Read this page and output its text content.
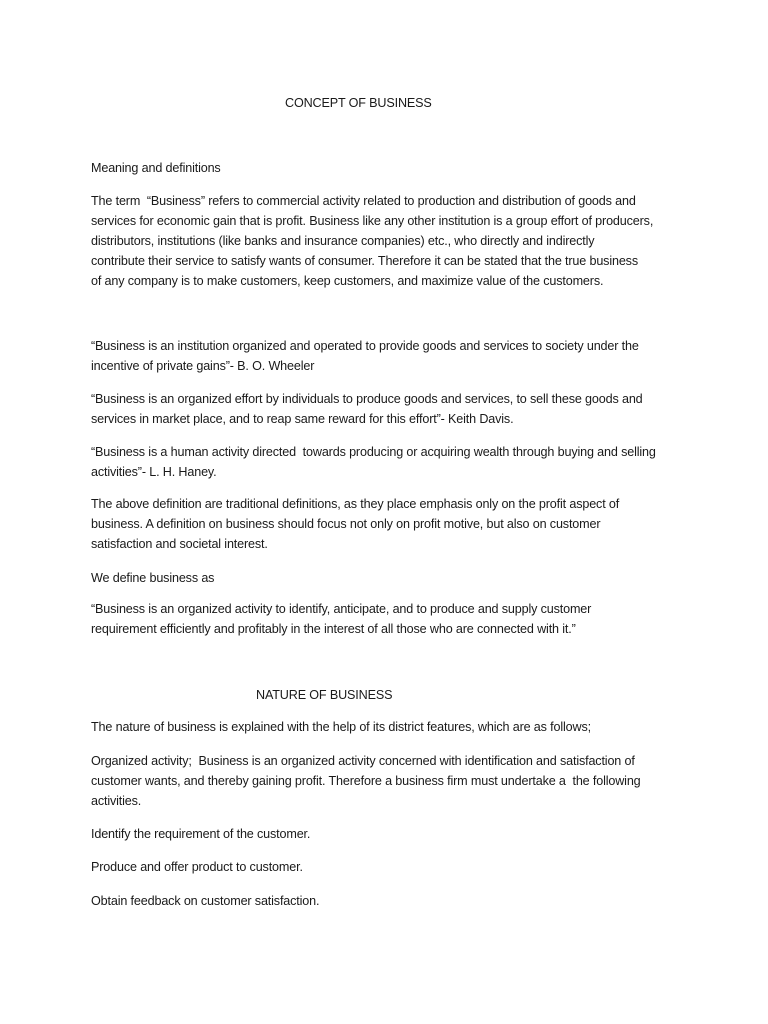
CONCEPT OF BUSINESS
Meaning and definitions
The term  “Business” refers to commercial activity related to production and distribution of goods and
services for economic gain that is profit. Business like any other institution is a group effort of producers,
distributors, institutions (like banks and insurance companies) etc., who directly and indirectly
contribute their service to satisfy wants of consumer. Therefore it can be stated that the true business
of any company is to make customers, keep customers, and maximize value of the customers.
“Business is an institution organized and operated to provide goods and services to society under the
incentive of private gains”- B. O. Wheeler
“Business is an organized effort by individuals to produce goods and services, to sell these goods and
services in market place, and to reap same reward for this effort”- Keith Davis.
“Business is a human activity directed  towards producing or acquiring wealth through buying and selling
activities”- L. H. Haney.
The above definition are traditional definitions, as they place emphasis only on the profit aspect of
business. A definition on business should focus not only on profit motive, but also on customer
satisfaction and societal interest.
We define business as
“Business is an organized activity to identify, anticipate, and to produce and supply customer
requirement efficiently and profitably in the interest of all those who are connected with it.”
NATURE OF BUSINESS
The nature of business is explained with the help of its district features, which are as follows;
Organized activity;  Business is an organized activity concerned with identification and satisfaction of
customer wants, and thereby gaining profit. Therefore a business firm must undertake a  the following
activities.
Identify the requirement of the customer.
Produce and offer product to customer.
Obtain feedback on customer satisfaction.
